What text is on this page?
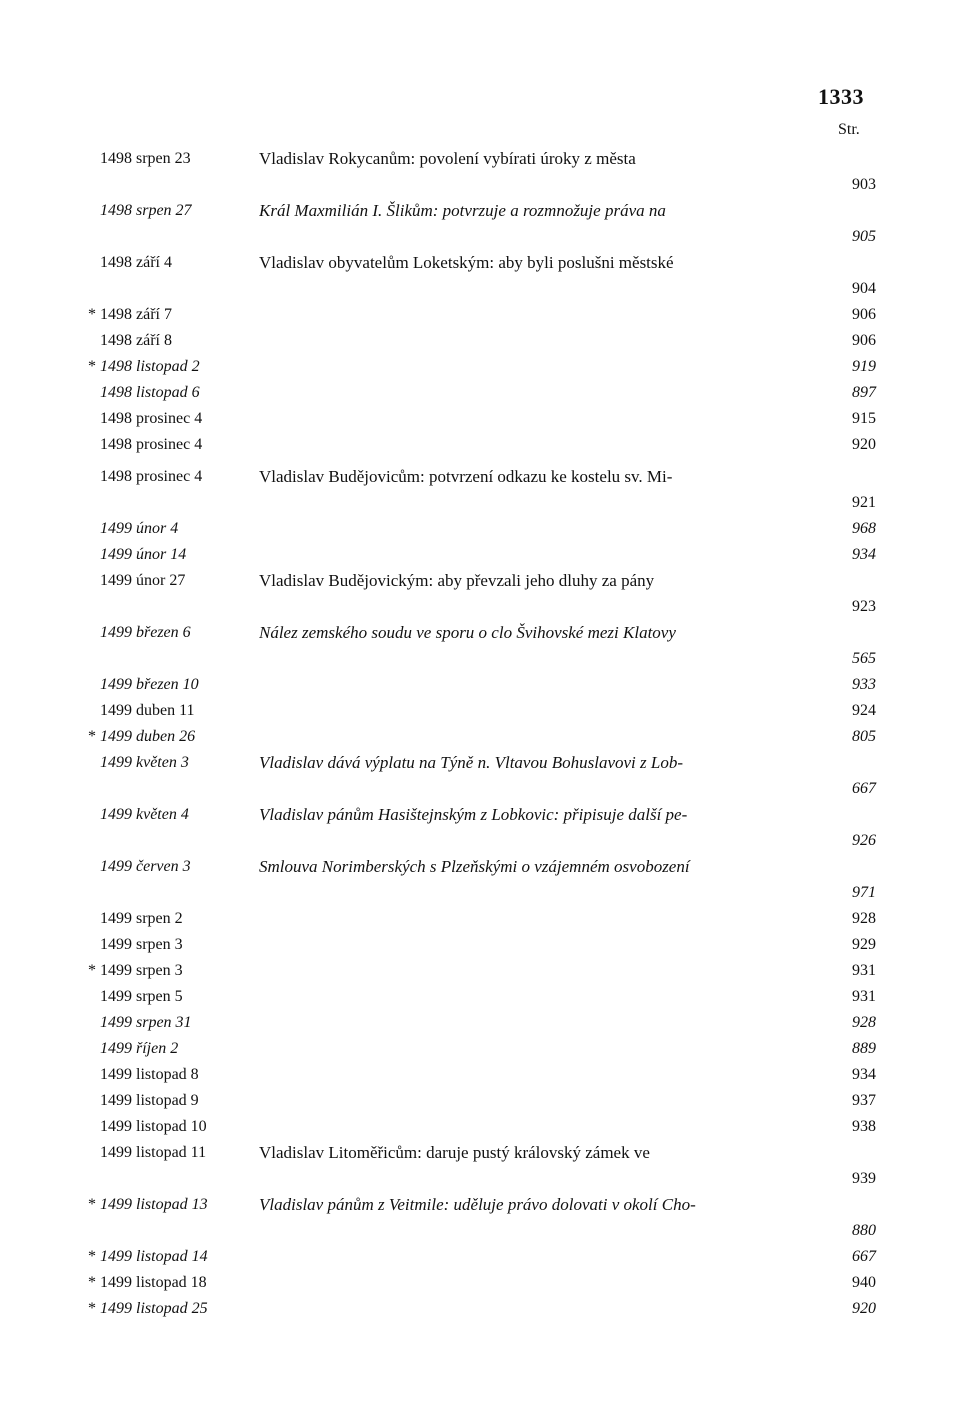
1333
Str.
1498 srpen 23	Vladislav Rokycanům: povolení vybírati úroky z města
903
1498 srpen 27	Král Maxmilián I. Šlikům: potvrzuje a rozmnožuje práva na
905
1498 září 4	Vladislav obyvatelům Loketským: aby byli poslušni městské
904
* 1498 září 7	906
1498 září 8	906
* 1498 listopad 2	919
1498 listopad 6	897
1498 prosinec 4	915
1498 prosinec 4	920
1498 prosinec 4	Vladislav Budějovicům: potvrzení odkazu ke kostelu sv. Mi-
921
1499 únor 4	968
1499 únor 14	934
1499 únor 27	Vladislav Budějovickým: aby převzali jeho dluhy za pány
923
1499 březen 6	Nález zemského soudu ve sporu o clo Švihovské mezi Klatovy
565
1499 březen 10	933
1499 duben 11	924
* 1499 duben 26	805
1499 květen 3	Vladislav dává výplatu na Týně n. Vltavou Bohuslavovi z Lob-
667
1499 květen 4	Vladislav pánům Hasištejnským z Lobkovic: připisuje další pe-
926
1499 červen 3	Smlouva Norimberských s Plzeňskými o vzájemném osvobození
971
1499 srpen 2	928
1499 srpen 3	929
* 1499 srpen 3	931
1499 srpen 5	931
1499 srpen 31	928
1499 říjen 2	889
1499 listopad 8	934
1499 listopad 9	937
1499 listopad 10	938
1499 listopad 11	Vladislav Litoměřicům: daruje pustý královský zámek ve
939
* 1499 listopad 13	Vladislav pánům z Veitmile: uděluje právo dolovati v okolí Cho-
880
* 1499 listopad 14	667
* 1499 listopad 18	940
* 1499 listopad 25	920
